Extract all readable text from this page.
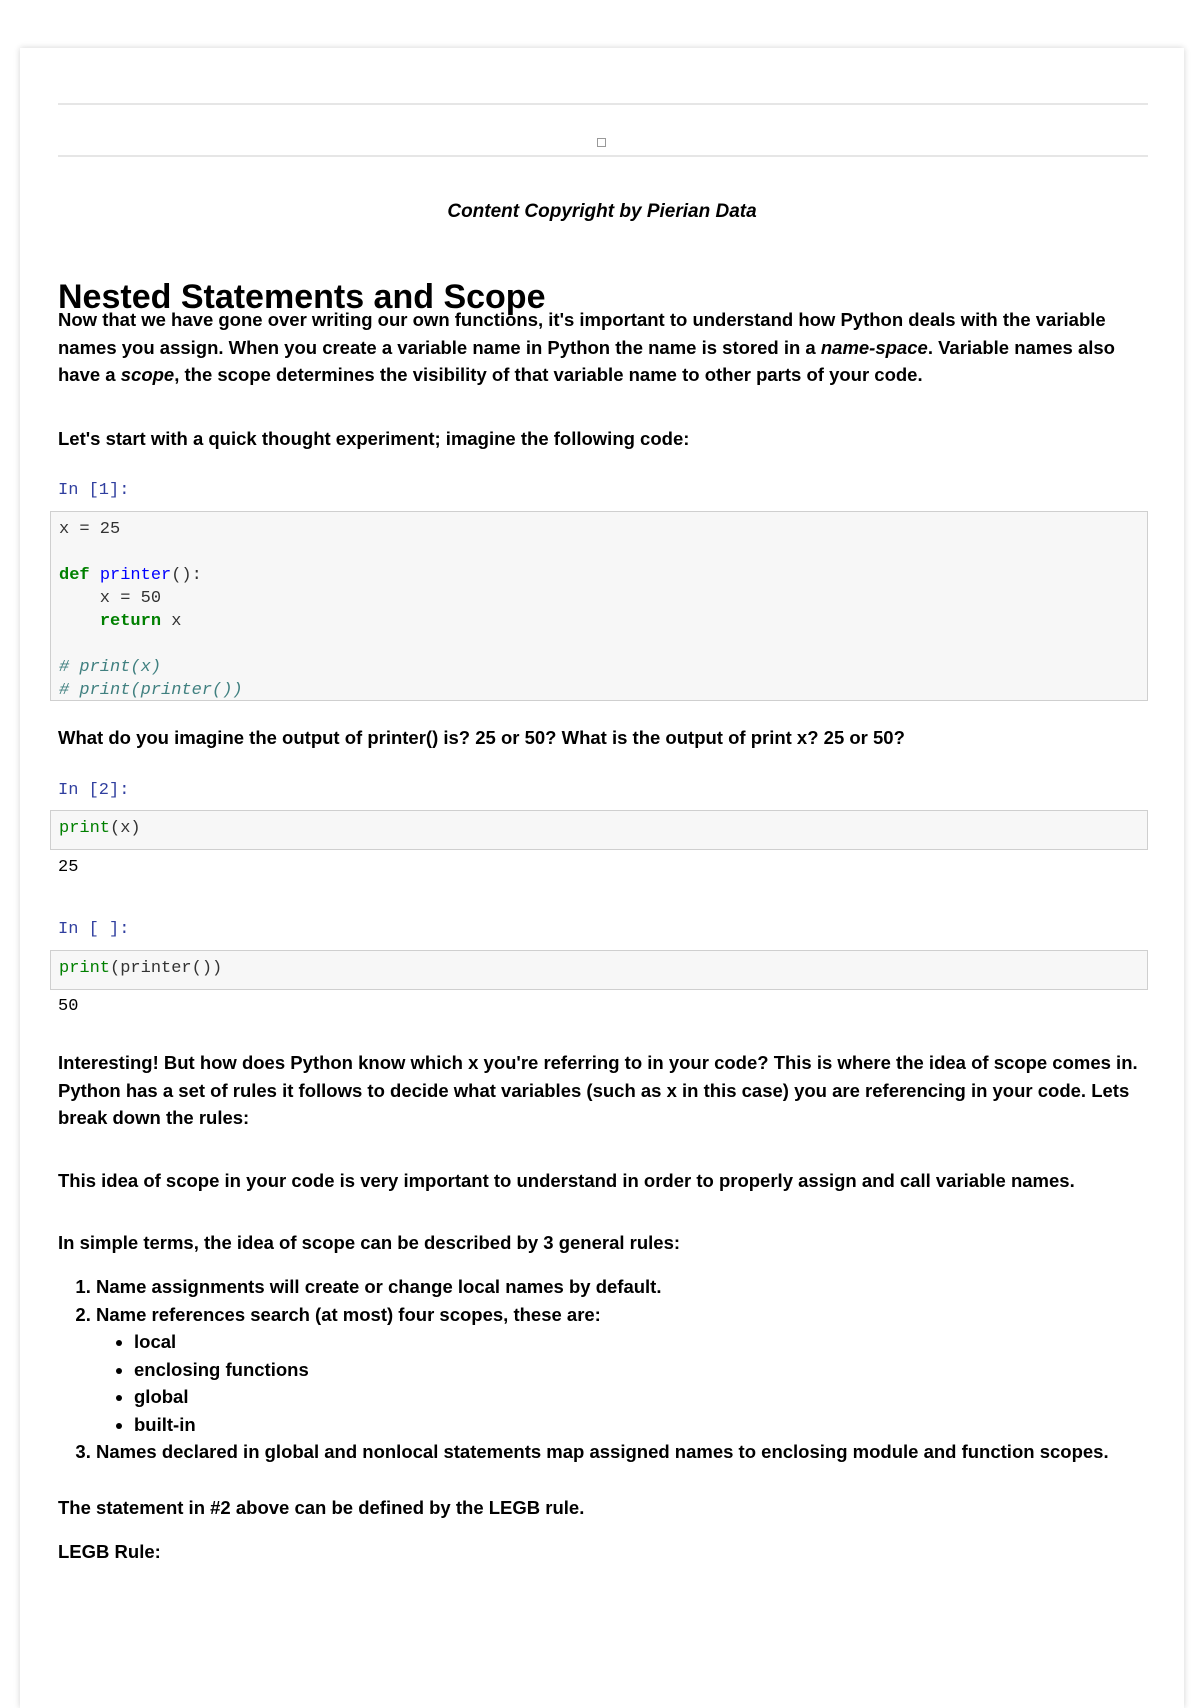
Content Copyright by Pierian Data
Nested Statements and Scope

Now that we have gone over writing our own functions, it's important to understand how Python deals with the variable names you assign. When you create a variable name in Python the name is stored in a name-space. Variable names also have a scope, the scope determines the visibility of that variable name to other parts of your code.

Let's start with a quick thought experiment; imagine the following code:

In [1]:
x = 25

def printer():
x = 50
return x

# print(x)
# print(printer())

What do you imagine the output of printer() is? 25 or 50? What is the output of print x? 25 or 50?

In [2]:
print(x)
25
In [ ]:
print(printer())
50

Interesting! But how does Python know which x you're referring to in your code? This is where the idea of scope comes in. Python has a set of rules it follows to decide what variables (such as x in this case) you are referencing in your code. Lets break down the rules:

This idea of scope in your code is very important to understand in order to properly assign and call variable names.

In simple terms, the idea of scope can be described by 3 general rules:

1. Name assignments will create or change local names by default.
2. Name references search (at most) four scopes, these are:
• local
• enclosing functions
• global
• built-in
3. Names declared in global and nonlocal statements map assigned names to enclosing module and function scopes.

The statement in #2 above can be defined by the LEGB rule.

LEGB Rule:
